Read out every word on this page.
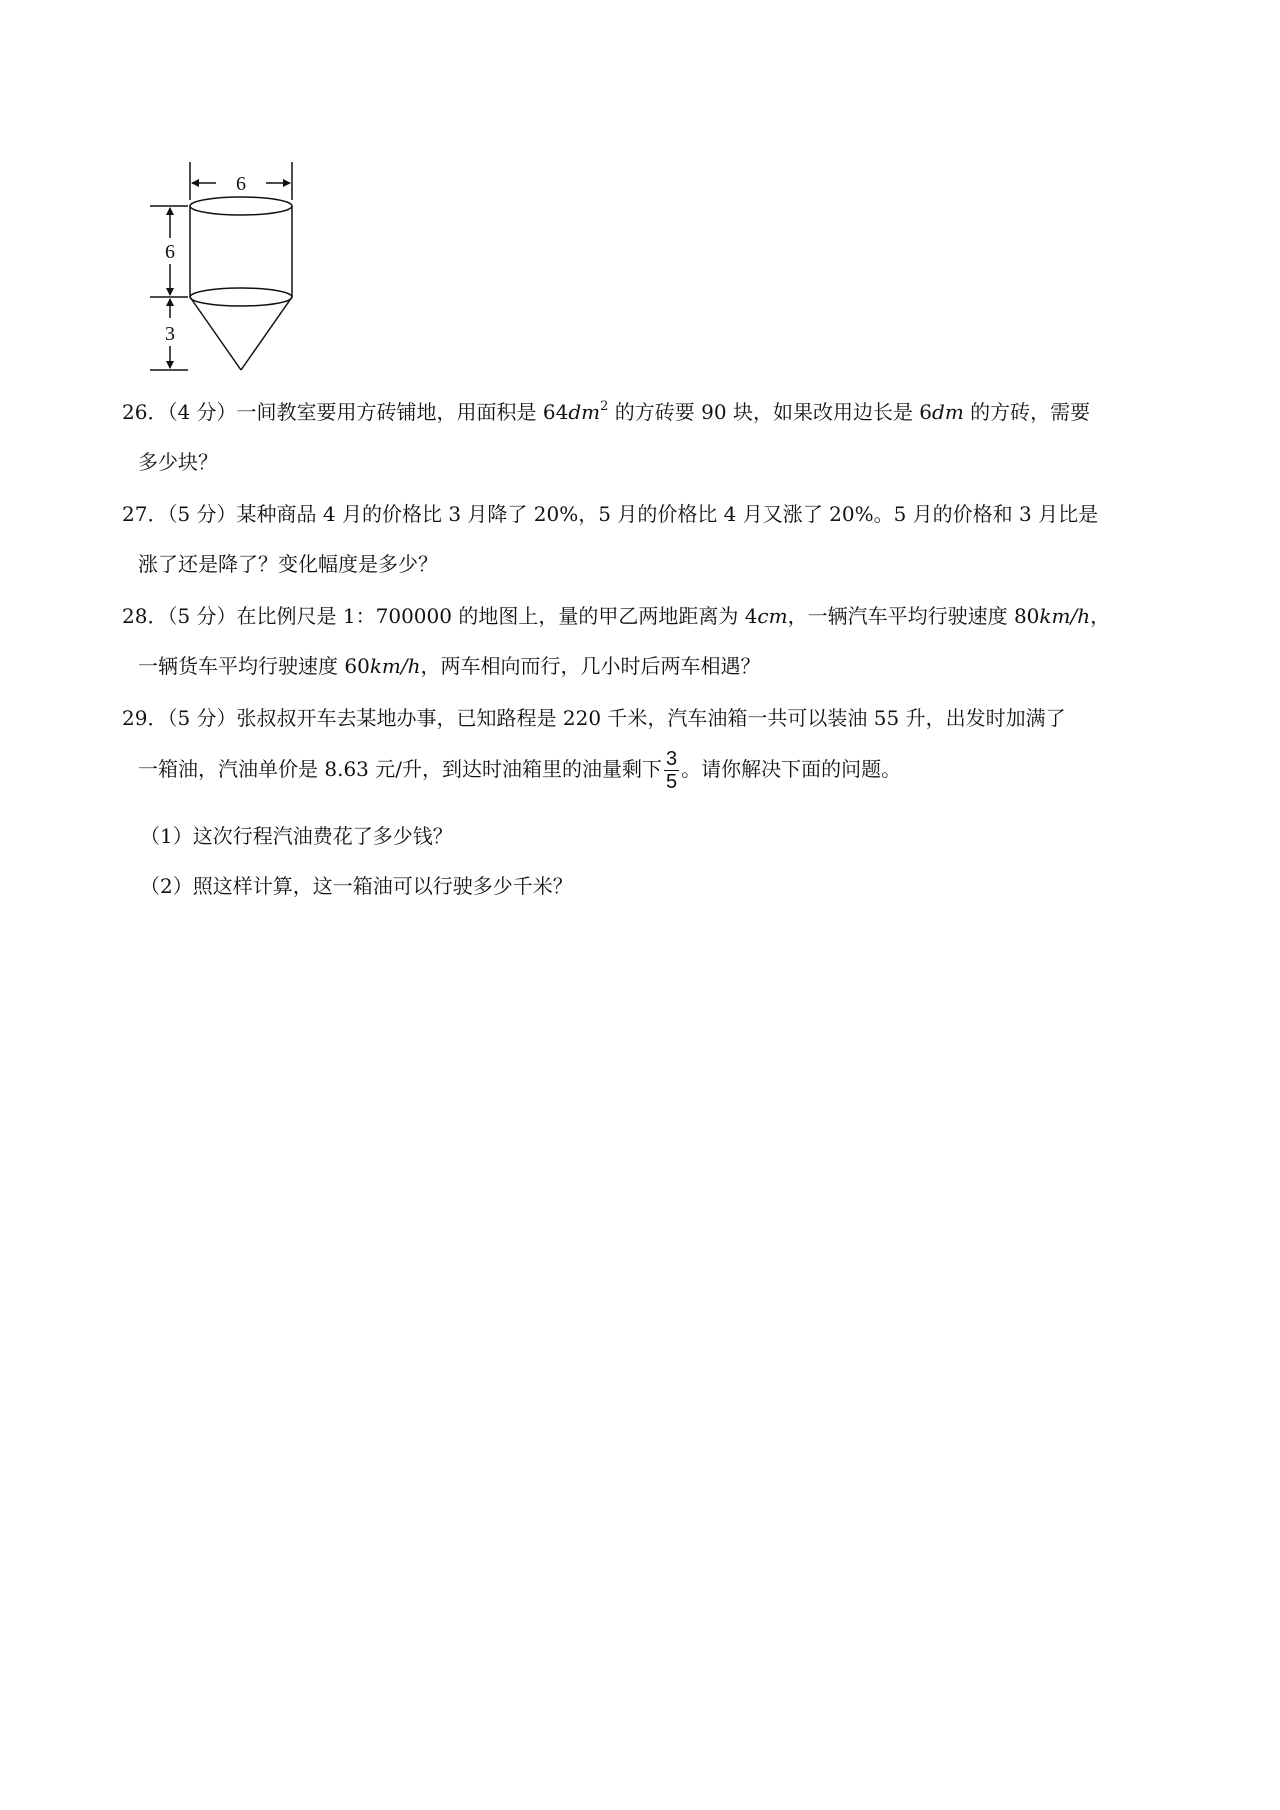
6
6
3
26．（4 分）一间教室要用方砖铺地，用面积是 $64dm^2$ 的方砖要 90 块，如果改用边长是 6dm 的方砖，需要
多少块？
27．（5 分）某种商品 4 月的价格比 3 月降了 20%，5 月的价格比 4 月又涨了 20%。5 月的价格和 3 月比是
涨了还是降了？变化幅度是多少？
28．（5 分）在比例尺是 1：700000 的地图上，量的甲乙两地距离为 4cm，一辆汽车平均行驶速度 80km/h，
一辆货车平均行驶速度 60km/h，两车相向而行，几小时后两车相遇？
29．（5 分）张叔叔开车去某地办事，已知路程是 220 千米，汽车油箱一共可以装油 55 升，出发时加满了
一箱油，汽油单价是 8.63 元/升，到达时油箱里的油量剩下 $\frac{3}{5}$ 。请你解决下面的问题。
（1）这次行程汽油费花了多少钱？
（2）照这样计算，这一箱油可以行驶多少千米？
